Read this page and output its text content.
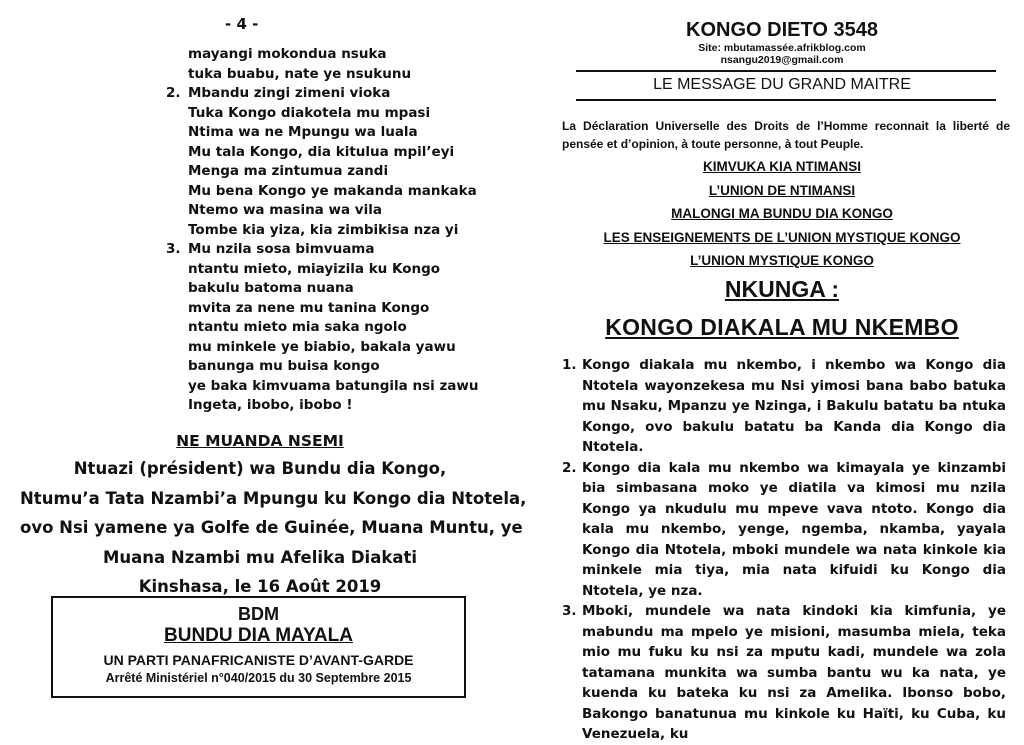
- 4 -
mayangi mokondua nsuka
tuka buabu, nate ye nsukunu
2. Mbandu zingi zimeni vioka
Tuka Kongo diakotela mu mpasi
Ntima wa ne Mpungu wa luala
Mu tala Kongo, dia kitulua mpil’eyi
Menga ma zintumua zandi
Mu bena Kongo ye makanda mankaka
Ntemo wa masina wa vila
Tombe kia yiza, kia zimbikisa nza yi
3. Mu nzila sosa bimvuama
ntantu mieto, miayizila ku Kongo
bakulu batoma nuana
mvita za nene mu tanina Kongo
ntantu mieto mia saka ngolo
mu minkele ye biabio, bakala yawu
banunga mu buisa kongo
ye baka kimvuama batungila nsi zawu
Ingeta, ibobo, ibobo !
NE MUANDA NSEMI
Ntuazi (président) wa Bundu dia Kongo,
Ntumu’a Tata Nzambi’a Mpungu ku Kongo dia Ntotela,
ovo Nsi yamene ya Golfe de Guinée, Muana Muntu, ye
Muana Nzambi mu Afelika Diakati
Kinshasa, le 16 Août 2019
BDM
BUNDU DIA MAYALA
UN PARTI PANAFRICANISTE D’AVANT-GARDE
Arrêté Ministériel n°040/2015 du 30 Septembre 2015
KONGO DIETO 3548
Site: mbutamassée.afrikblog.com
nsangu2019@gmail.com
LE MESSAGE DU GRAND MAITRE
La Déclaration Universelle des Droits de l’Homme reconnait la liberté de pensée et d’opinion, à toute personne, à tout Peuple.
KIMVUKA KIA NTIMANSI
L’UNION DE NTIMANSI
MALONGI MA BUNDU DIA KONGO
LES ENSEIGNEMENTS DE L’UNION MYSTIQUE KONGO
L’UNION MYSTIQUE KONGO
NKUNGA :
KONGO DIAKALA MU NKEMBO
1. Kongo diakala mu nkembo, i nkembo wa Kongo dia Ntotela wayonzekesa mu Nsi yimosi bana babo batuka mu Nsaku, Mpanzu ye Nzinga, i Bakulu batatu ba ntuka Kongo, ovo bakulu batatu ba Kanda dia Kongo dia Ntotela.
2. Kongo dia kala mu nkembo wa kimayala ye kinzambi bia simbasana moko ye diatila va kimosi mu nzila Kongo ya nkudulu mu mpeve vava ntoto. Kongo dia kala mu nkembo, yenge, ngemba, nkamba, yayala Kongo dia Ntotela, mboki mundele wa nata kinkole kia minkele mia tiya, mia nata kifuidi ku Kongo dia Ntotela, ye nza.
3. Mboki, mundele wa nata kindoki kia kimfunia, ye mabundu ma mpelo ye misioni, masumba miela, teka mio mu fuku ku nsi za mputu kadi, mundele wa zola tatamana munkita wa sumba bantu wu ka nata, ye kuenda ku bateka ku nsi za Amelika. Ibonso bobo, Bakongo banatunua mu kinkole ku Haïti, ku Cuba, ku Venezuela, ku
